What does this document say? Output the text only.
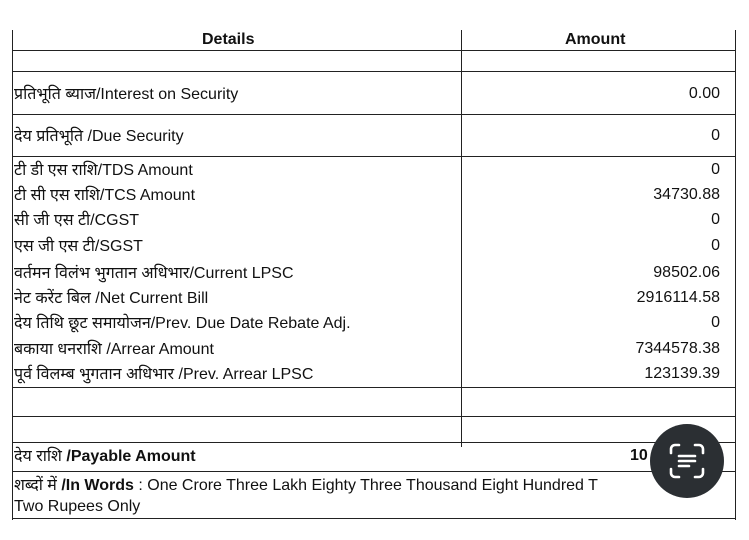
Details	Amount
प्रतिभूति ब्याज/Interest on Security	0.00
देय प्रतिभूति /Due Security	0
टी डी एस राशि/TDS Amount	0
टी सी एस राशि/TCS Amount	34730.88
सी जी एस टी/CGST	0
एस जी एस टी/SGST	0
वर्तमन विलंभ भुगतान अधिभार/Current LPSC	98502.06
नेट करेंट बिल /Net Current Bill	2916114.58
देय तिथि छूट समायोजन/Prev. Due Date Rebate Adj.	0
बकाया धनराशि /Arrear Amount	7344578.38
पूर्व विलम्ब भुगतान अधिभार /Prev. Arrear LPSC	123139.39
देय राशि /Payable Amount	10
शब्दों में /In Words : One Crore Three Lakh Eighty Three Thousand Eight Hundred T
Two Rupees Only
